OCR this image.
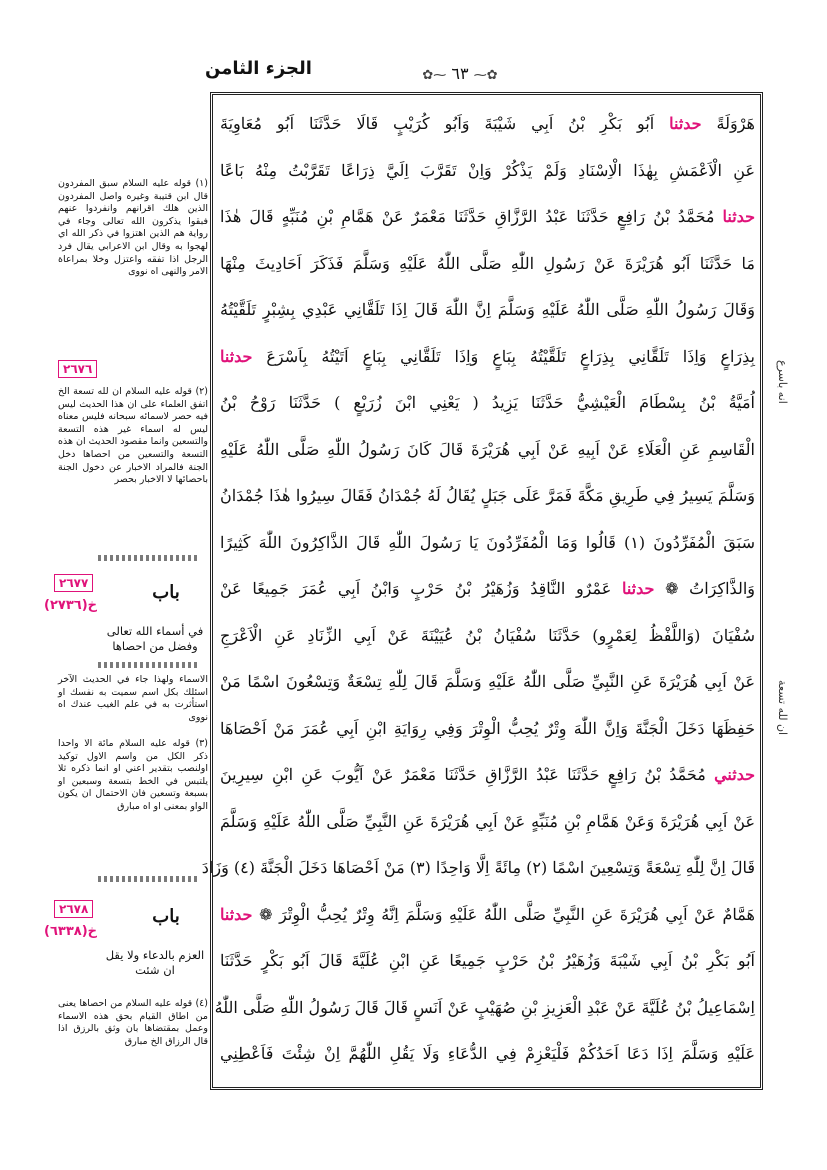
الجزء الثامن	✿⁓ ٦٣ ⁓✿
هَرْوَلَةً حدثنا اَبُو بَكْرِ بْنُ اَبِي شَيْبَةَ وَاَبُو كُرَيْبٍ قَالَا حَدَّثَنَا اَبُو مُعَاوِيَةَ
عَنِ الْاَعْمَشِ بِهٰذَا الْاِسْنَادِ وَلَمْ يَذْكُرْ وَاِنْ تَقَرَّبَ اِلَيَّ ذِرَاعًا تَقَرَّبْتُ مِنْهُ بَاعًا
حدثنا مُحَمَّدُ بْنُ رَافِعٍ حَدَّثَنَا عَبْدُ الرَّزَّاقِ حَدَّثَنَا مَعْمَرٌ عَنْ هَمَّامِ بْنِ مُنَبِّهٍ قَالَ هٰذَا
مَا حَدَّثَنَا اَبُو هُرَيْرَةَ عَنْ رَسُولِ اللّٰهِ صَلَّى اللّٰهُ عَلَيْهِ وَسَلَّمَ فَذَكَرَ اَحَادِيثَ مِنْهَا
وَقَالَ رَسُولُ اللّٰهِ صَلَّى اللّٰهُ عَلَيْهِ وَسَلَّمَ اِنَّ اللّٰهَ قَالَ اِذَا تَلَقَّانِي عَبْدِي بِشِبْرٍ تَلَقَّيْتُهُ
بِذِرَاعٍ وَاِذَا تَلَقَّانِي بِذِرَاعٍ تَلَقَّيْتُهُ بِبَاعٍ وَاِذَا تَلَقَّانِي بِبَاعٍ اَتَيْتُهُ بِاَسْرَعَ حدثنا
اُمَيَّةُ بْنُ بِسْطَامَ الْعَيْشِيُّ حَدَّثَنَا يَزِيدُ ( يَعْنِي ابْنَ زُرَيْعٍ ) حَدَّثَنَا رَوْحُ بْنُ
الْقَاسِمِ عَنِ الْعَلَاءِ عَنْ اَبِيهِ عَنْ اَبِي هُرَيْرَةَ قَالَ كَانَ رَسُولُ اللّٰهِ صَلَّى اللّٰهُ عَلَيْهِ
وَسَلَّمَ يَسِيرُ فِي طَرِيقِ مَكَّةَ فَمَرَّ عَلَى جَبَلٍ يُقَالُ لَهُ جُمْدَانُ فَقَالَ سِيرُوا هٰذَا جُمْدَانُ
سَبَقَ الْمُفَرِّدُونَ (١) قَالُوا وَمَا الْمُفَرِّدُونَ يَا رَسُولَ اللّٰهِ قَالَ الذَّاكِرُونَ اللّٰهَ كَثِيرًا
وَالذَّاكِرَاتُ ❁ حدثنا عَمْرٌو النَّاقِدُ وَزُهَيْرُ بْنُ حَرْبٍ وَابْنُ اَبِي عُمَرَ جَمِيعًا عَنْ
سُفْيَانَ (وَاللَّفْظُ لِعَمْرٍو) حَدَّثَنَا سُفْيَانُ بْنُ عُيَيْنَةَ عَنْ اَبِي الزِّنَادِ عَنِ الْاَعْرَجِ
عَنْ اَبِي هُرَيْرَةَ عَنِ النَّبِيِّ صَلَّى اللّٰهُ عَلَيْهِ وَسَلَّمَ قَالَ لِلّٰهِ تِسْعَةٌ وَتِسْعُونَ اسْمًا مَنْ
حَفِظَهَا دَخَلَ الْجَنَّةَ وَاِنَّ اللّٰهَ وِتْرٌ يُحِبُّ الْوِتْرَ وَفِي رِوَايَةِ ابْنِ اَبِي عُمَرَ مَنْ اَحْصَاهَا
حدثني مُحَمَّدُ بْنُ رَافِعٍ حَدَّثَنَا عَبْدُ الرَّزَّاقِ حَدَّثَنَا مَعْمَرٌ عَنْ اَيُّوبَ عَنِ ابْنِ سِيرِينَ
عَنْ اَبِي هُرَيْرَةَ وَعَنْ هَمَّامِ بْنِ مُنَبِّهٍ عَنْ اَبِي هُرَيْرَةَ عَنِ النَّبِيِّ صَلَّى اللّٰهُ عَلَيْهِ وَسَلَّمَ
قَالَ اِنَّ لِلّٰهِ تِسْعَةً وَتِسْعِينَ اسْمًا (٢) مِائَةً اِلَّا وَاحِدًا (٣) مَنْ اَحْصَاهَا دَخَلَ الْجَنَّةَ (٤) وَزَادَ
هَمَّامٌ عَنْ اَبِي هُرَيْرَةَ عَنِ النَّبِيِّ صَلَّى اللّٰهُ عَلَيْهِ وَسَلَّمَ اِنَّهُ وِتْرٌ يُحِبُّ الْوِتْرَ ❁ حدثنا
اَبُو بَكْرِ بْنُ اَبِي شَيْبَةَ وَزُهَيْرُ بْنُ حَرْبٍ جَمِيعًا عَنِ ابْنِ عُلَيَّةَ قَالَ اَبُو بَكْرٍ حَدَّثَنَا
اِسْمَاعِيلُ بْنُ عُلَيَّةَ عَنْ عَبْدِ الْعَزِيزِ بْنِ صُهَيْبٍ عَنْ اَنَسٍ قَالَ قَالَ رَسُولُ اللّٰهِ صَلَّى اللّٰهُ
عَلَيْهِ وَسَلَّمَ اِذَا دَعَا اَحَدُكُمْ فَلْيَعْزِمْ فِي الدُّعَاءِ وَلَا يَقُلِ اللّٰهُمَّ اِنْ شِئْتَ فَاَعْطِنِي
(١) قوله عليه السلام سبق المفردون قال ابن قتيبة وغيره واصل المفردون الذين هلك اقرانهم وانفردوا عنهم فبقوا يذكرون الله تعالى وجاء في رواية هم الذين اهتزوا في ذكر الله اي لهجوا به وقال ابن الاعرابي يقال فرد الرجل اذا تفقه واعتزل وخلا بمراعاة الامر والنهى اه نووى
٢٦٧٦
(٢) قوله عليه السلام ان لله تسعة الخ اتفق العلماء على ان هذا الحديث ليس فيه حصر لاسمائه سبحانه فليس معناه ليس له اسماء غير هذه التسعة والتسعين وانما مقصود الحديث ان هذه التسعة والتسعين من احصاها دخل الجنة فالمراد الاخبار عن دخول الجنة باحصائها لا الاخبار بحصر
٢٦٧٧	باب
خ(٢٧٣٦)
في أسماء الله تعالى وفضل من احصاها
الاسماء ولهذا جاء في الحديث الآخر اسئلك بكل اسم سميت به نفسك او استأثرت به في علم الغيب عندك اه نووى
(٣) قوله عليه السلام مائة الا واحدا ذكر الكل من واسم الاول توكيد اولنصب بتقدير اعني او انما ذكره ثلا يلتبس في الخط بتسعة وسبعين او بسبعة وتسعين فان الاحتمال ان يكون الواو بمعنى او اه مبارق
٢٦٧٨	باب
خ(٦٣٣٨)
العزم بالدعاء ولا يقل ان شئت
(٤) قوله عليه السلام من احصاها يعنى من اطاق القيام بحق هذه الاسماء وعمل بمقتضاها بان وثق بالرزق اذا قال الرزاق الخ مبارق
انه باسرع
ان لله تسعة
